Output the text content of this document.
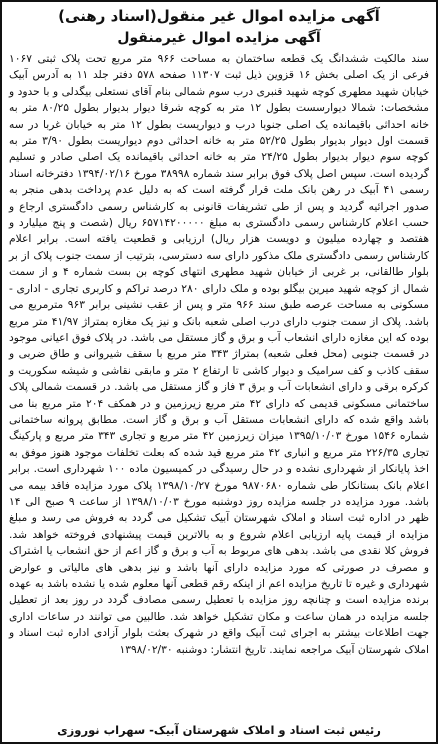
آگهی مزایده اموال غیر منقول(اسناد رهنی)
آگهی مزایده اموال غیرمنقول

سند مالکیت ششدانگ یک قطعه ساختمان به مساحت ۹۶۶ متر مربع تحت پلاک ثبتی ۱۰۶۷ فرعی از یک اصلی بخش ۱۶ قزوین ذیل ثبت ۱۱۳۰۷ صفحه ۵۷۸ دفتر جلد ۱۱ به آدرس آبیک خیابان شهید مطهری کوچه شهید قنبری درب سوم شمالی بنام آقای نستعلی بیگدلی و با حدود و مشخصات: شمالا دیوارسست بطول ۱۲ متر به کوچه شرقا دیوار بدیوار بطول ۸۰/۲۵ متر به خانه احداثی باقیمانده یک اصلی جنوبا درب و دیواریست بطول ۱۲ متر به خیابان غربا در سه قسمت اول دیوار بدیوار بطول ۵۲/۲۵ متر به خانه احداثی دوم دیواریست بطول ۳/۹۰ متر به کوچه سوم دیوار بدیوار بطول ۲۴/۲۵ متر به خانه احداثی باقیمانده یک اصلی صادر و تسلیم گردیده است. سپس اصل پلاک فوق برابر سند شماره ۳۸۹۹۸ مورخ ۱۳۹۴/۰۲/۱۶ دفترخانه اسناد رسمی ۴۱ آبیک در رهن بانک ملت قرار گرفته است که به دلیل عدم پرداخت بدهی منجر به صدور اجرائیه گردید و پس از طی تشریفات قانونی به کارشناس رسمی دادگستری ارجاع و حسب اعلام کارشناس رسمی دادگستری به مبلغ ۶۵۷۱۴۲۰۰۰۰۰ ریال (شصت و پنج میلیارد و هفتصد و چهارده میلیون و دویست هزار ریال) ارزیابی و قطعیت یافته است. برابر اعلام کارشناس رسمی دادگستری ملک مذکور دارای سه دسترسی، بترتیب از سمت جنوب پلاک از بر بلوار طالقانی، بر غربی از خیابان شهید مطهری انتهای کوچه بن بست شماره ۴ و از سمت شمال از کوچه شهید میرین بیگلو بوده و ملک دارای ۲۸۰ درصد تراکم و کاربری تجاری - اداری - مسکونی به مساحت عرصه طبق سند ۹۶۶ متر و پس از عقب نشینی برابر ۹۶۳ مترمربع می باشد. پلاک از سمت جنوب دارای درب اصلی شعبه بانک و نیز یک مغازه بمتراژ ۴۱/۹۷ متر مربع بوده که این مغازه دارای انشعاب آب و برق و گاز مستقل می باشد. در پلاک فوق اعیانی موجود در قسمت جنوبی (محل فعلی شعبه) بمتراژ ۳۴۳ متر مربع با سقف شیروانی و طاق ضربی و سقف کاذب و کف سرامیک و دیوار کاشی تا ارتفاع ۲ متر و مابقی نقاشی و شیشه سکوریت و کرکره برقی و دارای انشعابات آب و برق ۳ فاز و گاز مستقل می باشد. در قسمت شمالی پلاک ساختمانی مسکونی قدیمی که دارای ۴۲ متر مربع زیرزمین و در همکف ۲۰۴ متر مربع بنا می باشد واقع شده که دارای انشعابات مستقل آب و برق و گاز است. مطابق پروانه ساختمانی شماره ۱۵۴۶ مورخ ۱۳۹۵/۱۰/۰۳ میزان زیرزمین ۴۲ متر مربع و تجاری ۳۴۳ متر مربع و پارکینگ تجاری ۲۲۶/۳۵ متر مربع و انباری ۴۲ متر مربع قید شده که بعلت تخلفات موجود هنوز موفق به اخذ پایانکار از شهرداری نشده و در حال رسیدگی در کمیسیون ماده ۱۰۰ شهرداری است. برابر اعلام بانک بستانکار طی شماره ۹۸۷۰۶۸۰ مورخ ۱۳۹۸/۱۰/۲۷ پلاک مورد مزایده فاقد بیمه می باشد. مورد مزایده در جلسه مزایده روز دوشنبه مورخ ۱۳۹۸/۱۰/۰۳ از ساعت ۹ صبح الی ۱۴ ظهر در اداره ثبت اسناد و املاک شهرستان آبیک تشکیل می گردد به فروش می رسد و مبلغ مزایده از قیمت پایه ارزیابی اعلام شروع و به بالاترین قیمت پیشنهادی فروخته خواهد شد. فروش کلا نقدی می باشد. بدهی های مربوط به آب و برق و گاز اعم از حق انشعاب یا اشتراک و مصرف در صورتی که مورد مزایده دارای آنها باشد و نیز بدهی های مالیاتی و عوارض شهرداری و غیره تا تاریخ مزایده اعم از اینکه رقم قطعی آنها معلوم شده یا نشده باشد به عهده برنده مزایده است و چنانچه روز مزایده با تعطیل رسمی مصادف گردد در روز بعد از تعطیل جلسه مزایده در همان ساعت و مکان تشکیل خواهد شد. طالبین می توانند در ساعات اداری جهت اطلاعات بیشتر به اجرای ثبت آبیک واقع در شهرک بعثت بلوار آزادی اداره ثبت اسناد و املاک شهرستان آبیک مراجعه نمایند. تاریخ انتشار: دوشنبه ۱۳۹۸/۰۲/۳۰

رئیس ثبت اسناد و املاک شهرستان آبیک- سهراب نوروزی
